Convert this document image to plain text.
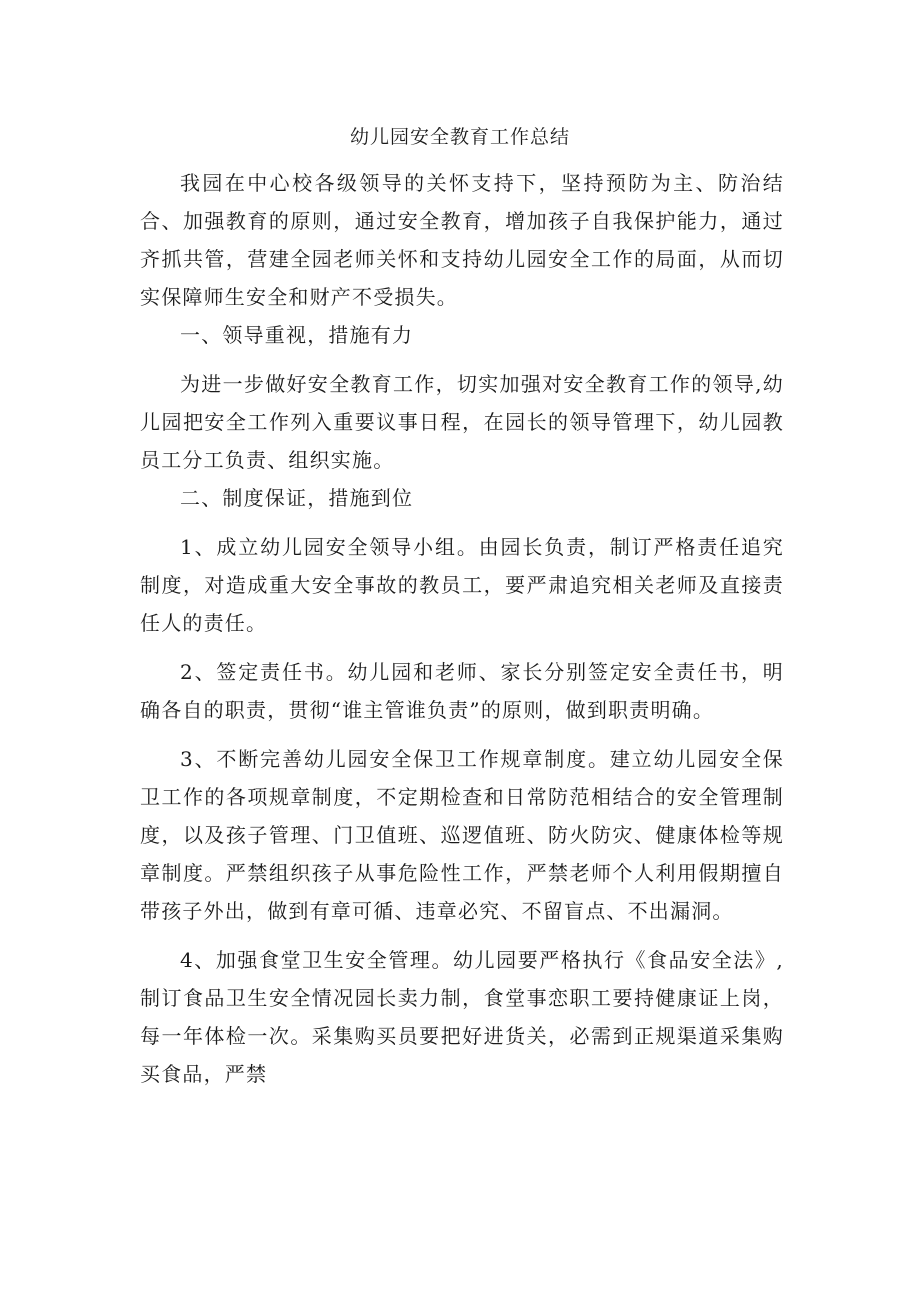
幼儿园安全教育工作总结

我园在中心校各级领导的关怀支持下，坚持预防为主、防治结合、加强教育的原则，通过安全教育，增加孩子自我保护能力，通过齐抓共管，营建全园老师关怀和支持幼儿园安全工作的局面，从而切实保障师生安全和财产不受损失。

一、领导重视，措施有力

为进一步做好安全教育工作，切实加强对安全教育工作的领导,幼儿园把安全工作列入重要议事日程，在园长的领导管理下，幼儿园教员工分工负责、组织实施。

二、制度保证，措施到位

1、成立幼儿园安全领导小组。由园长负责，制订严格责任追究制度，对造成重大安全事故的教员工，要严肃追究相关老师及直接责任人的责任。

2、签定责任书。幼儿园和老师、家长分别签定安全责任书，明确各自的职责，贯彻“谁主管谁负责”的原则，做到职责明确。

3、不断完善幼儿园安全保卫工作规章制度。建立幼儿园安全保卫工作的各项规章制度，不定期检查和日常防范相结合的安全管理制度，以及孩子管理、门卫值班、巡逻值班、防火防灾、健康体检等规章制度。严禁组织孩子从事危险性工作，严禁老师个人利用假期擅自带孩子外出，做到有章可循、违章必究、不留盲点、不出漏洞。

4、加强食堂卫生安全管理。幼儿园要严格执行《食品安全法》,制订食品卫生安全情况园长卖力制，食堂事恋职工要持健康证上岗，每一年体检一次。采集购买员要把好进货关，必需到正规渠道采集购买食品，严禁
